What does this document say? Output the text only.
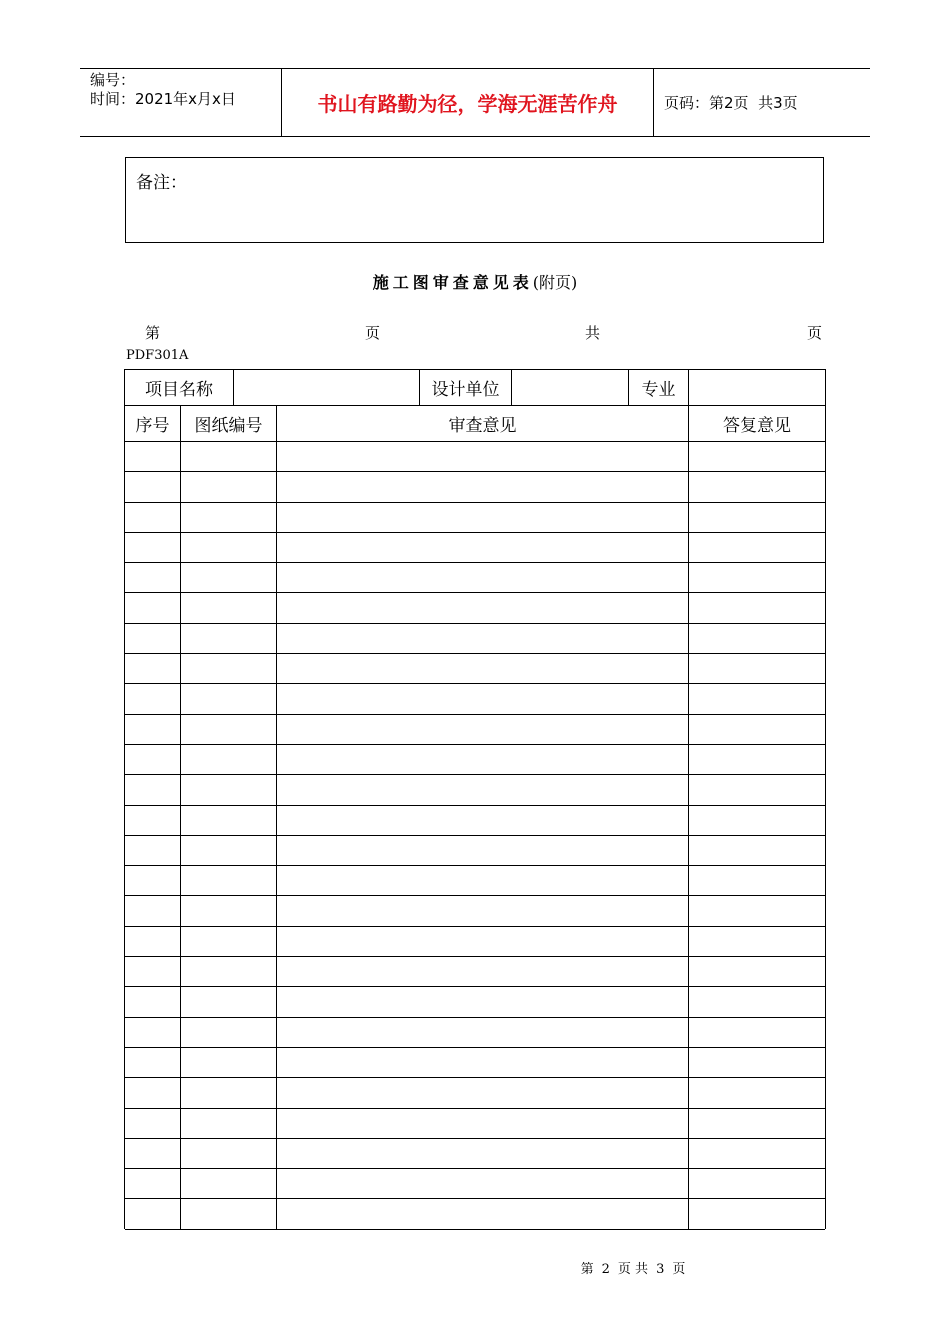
编号：
时间：2021年x月x日	书山有路勤为径，学海无涯苦作舟	页码：第2页  共3页
备注：
施工图审查意见表(附页)
第	页	共	页
PDF301A
项目名称	设计单位	专业
序号	图纸编号	审查意见	答复意见
第 2 页 共 3 页
